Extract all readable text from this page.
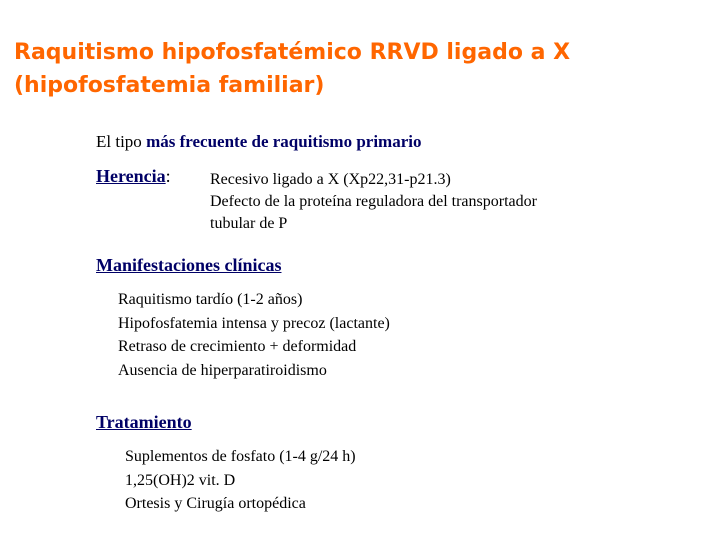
Raquitismo hipofosfatémico RRVD ligado a X
(hipofosfatemia familiar)
El tipo más frecuente de raquitismo primario
Herencia: Recesivo ligado a X (Xp22,31-p21.3)
Defecto de la proteína reguladora del transportador
tubular de P
Manifestaciones clínicas
Raquitismo tardío (1-2 años)
Hipofosfatemia intensa y precoz (lactante)
Retraso de crecimiento + deformidad
Ausencia de hiperparatiroidismo
Tratamiento
Suplementos de fosfato (1-4 g/24 h)
1,25(OH)2 vit. D
Ortesis y Cirugía ortopédica
